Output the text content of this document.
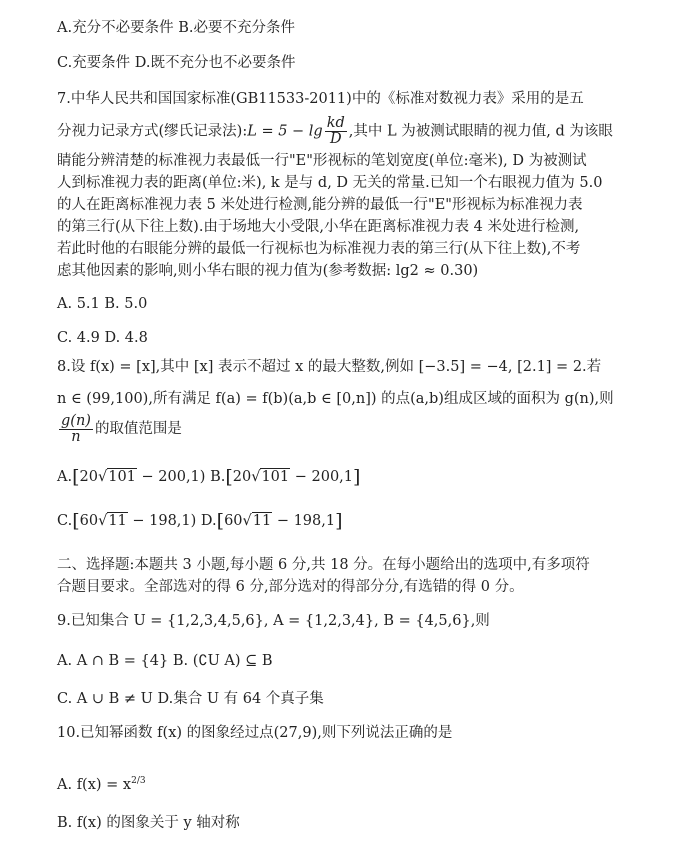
A.充分不必要条件 B.必要不充分条件
C.充要条件 D.既不充分也不必要条件
7.中华人民共和国国家标准(GB11533-2011)中的《标准对数视力表》采用的是五
分视力记录方式(缪氏记录法):L = $5 - \lg \frac{kd}{D}$ ,其中 L 为被测试眼睛的视力值, d 为该眼
睛能分辨清楚的标准视力表最低一行"E"形视标的笔划宽度(单位:毫米), D 为被测试
人到标准视力表的距离(单位:米), k 是与 d, D 无关的常量.已知一个右眼视力值为 5.0
的人在距离标准视力表 5 米处进行检测,能分辨的最低一行"E"形视标为标准视力表
的第三行(从下往上数).由于场地大小受限,小华在距离标准视力表 4 米处进行检测,
若此时他的右眼能分辨的最低一行视标也为标准视力表的第三行(从下往上数),不考
虑其他因素的影响,则小华右眼的视力值为(参考数据: lg2 ≈ 0.30)
A. 5.1 B. 5.0
C. 4.9 D. 4.8
8.设 f(x) = [x],其中 [x] 表示不超过 x 的最大整数,例如 [−3.5] = −4, [2.1] = 2.若
n ∈ (99,100),所有满足 f(a) = f(b)(a,b ∈ [0,n]) 的点(a,b)组成区域的面积为 g(n),则
$\frac{g(n)}{n}$ 的取值范围是
A.[20√101 − 200,1) B.[20√101 − 200,1]
C.[60√11 − 198,1) D.[60√11 − 198,1]
二、选择题:本题共 3 小题,每小题 6 分,共 18 分。在每小题给出的选项中,有多项符
合题目要求。全部选对的得 6 分,部分选对的得部分分,有选错的得 0 分。
9.已知集合 U = {1,2,3,4,5,6}, A = {1,2,3,4}, B = {4,5,6},则
A. A ∩ B = {4} B. (∁U A) ⊆ B
C. A ∪ B ≠ U D.集合 U 有 64 个真子集
10.已知幂函数 f(x) 的图象经过点(27,9),则下列说法正确的是
A. $f(x) = x^{2/3}$
B. f(x) 的图象关于 y 轴对称
